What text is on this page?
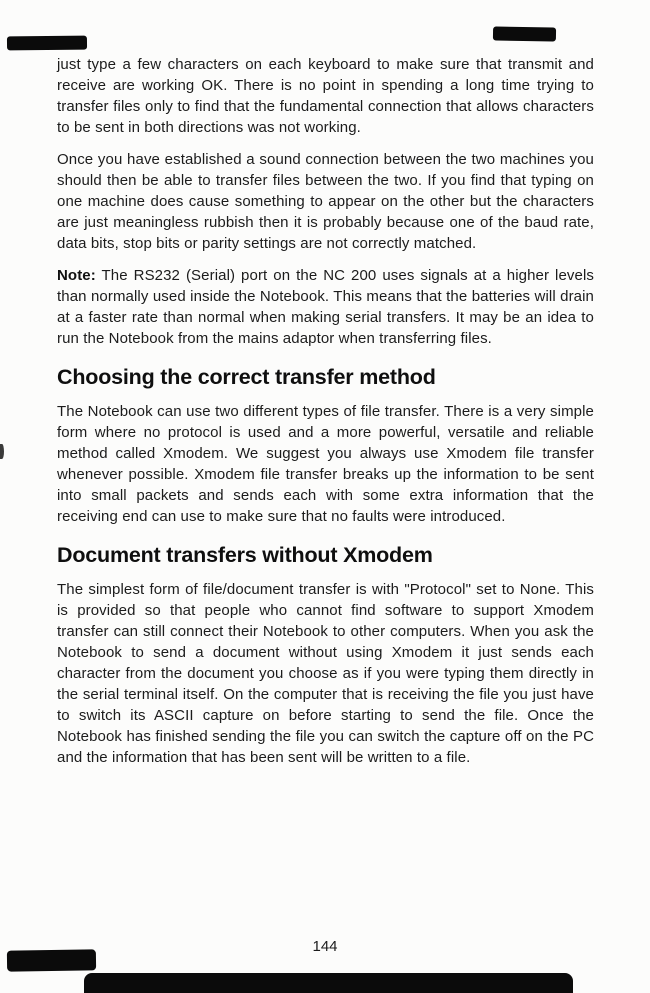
just type a few characters on each keyboard to make sure that transmit and receive are working OK. There is no point in spending a long time trying to transfer files only to find that the fundamental connection that allows characters to be sent in both directions was not working.

Once you have established a sound connection between the two machines you should then be able to transfer files between the two. If you find that typing on one machine does cause something to appear on the other but the characters are just meaningless rubbish then it is probably because one of the baud rate, data bits, stop bits or parity settings are not correctly matched.

Note: The RS232 (Serial) port on the NC 200 uses signals at a higher levels than normally used inside the Notebook. This means that the batteries will drain at a faster rate than normal when making serial transfers. It may be an idea to run the Notebook from the mains adaptor when transferring files.

Choosing the correct transfer method

The Notebook can use two different types of file transfer. There is a very simple form where no protocol is used and a more powerful, versatile and reliable method called Xmodem. We suggest you always use Xmodem file transfer whenever possible. Xmodem file transfer breaks up the information to be sent into small packets and sends each with some extra information that the receiving end can use to make sure that no faults were introduced.

Document transfers without Xmodem

The simplest form of file/document transfer is with "Protocol" set to None. This is provided so that people who cannot find software to support Xmodem transfer can still connect their Notebook to other computers. When you ask the Notebook to send a document without using Xmodem it just sends each character from the document you choose as if you were typing them directly in the serial terminal itself. On the computer that is receiving the file you just have to switch its ASCII capture on before starting to send the file. Once the Notebook has finished sending the file you can switch the capture off on the PC and the information that has been sent will be written to a file.

144
